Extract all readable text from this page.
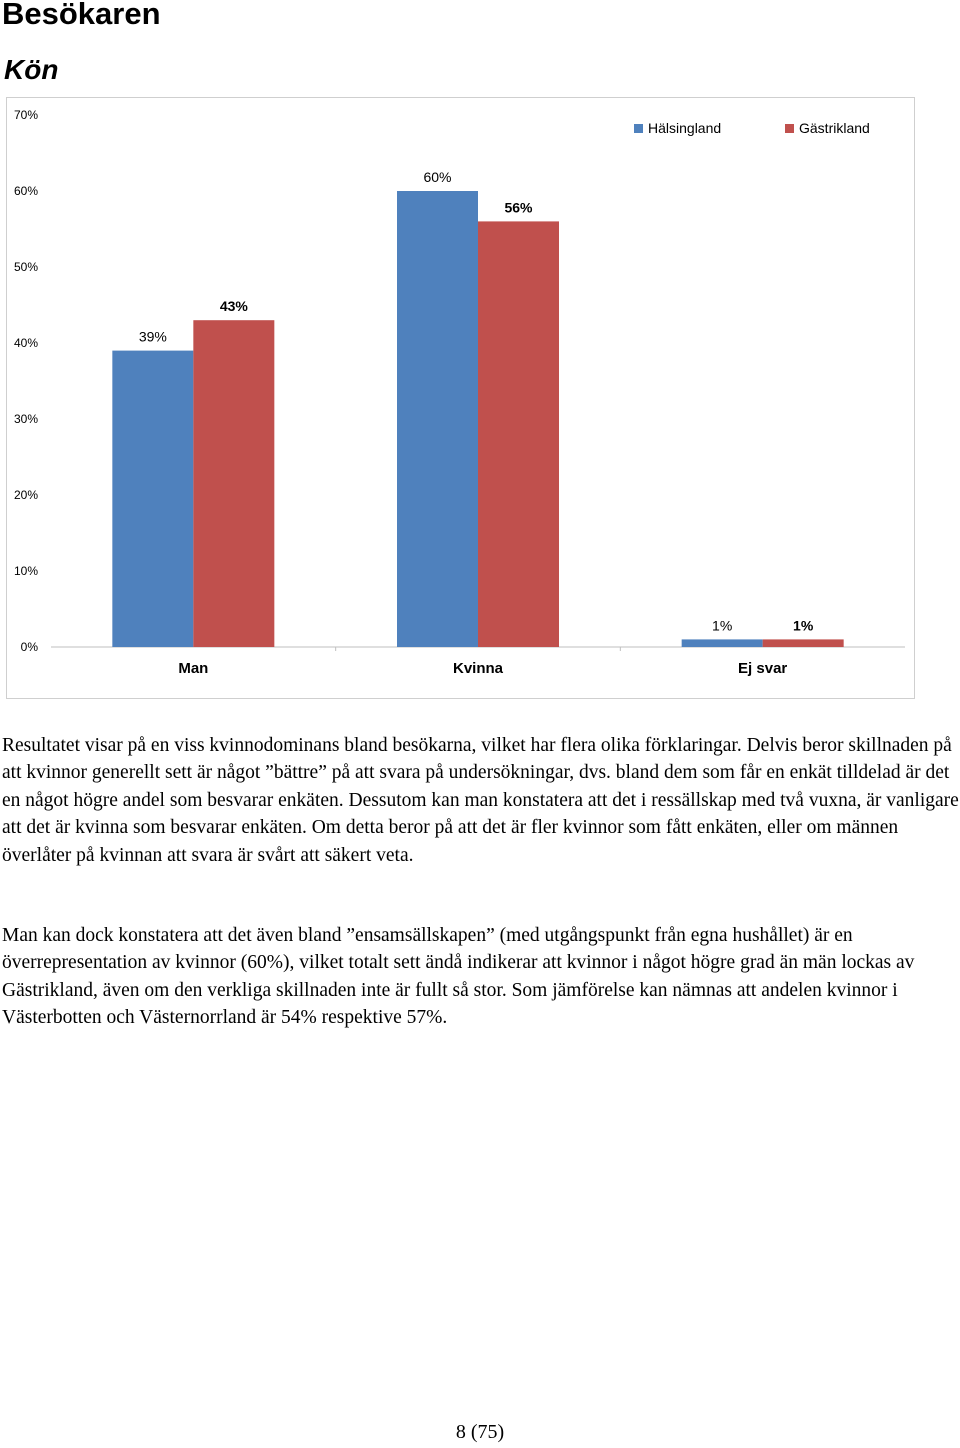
Besökaren
Kön
0%
10%
20%
30%
40%
50%
60%
70%
39%
43%
Man
60%
56%
Kvinna
1%	1%
Ej svar
Hälsingland	Gästrikland

Resultatet visar på en viss kvinnodominans bland besökarna, vilket har flera olika förklaringar. Delvis beror skillnaden på att kvinnor generellt sett är något ”bättre” på att svara på undersökningar, dvs. bland dem som får en enkät tilldelad är det en något högre andel som besvarar enkäten. Dessutom kan man konstatera att det i ressällskap med två vuxna, är vanligare att det är kvinna som besvarar enkäten. Om detta beror på att det är fler kvinnor som fått enkäten, eller om männen överlåter på kvinnan att svara är svårt att säkert veta.

Man kan dock konstatera att det även bland ”ensamsällskapen” (med utgångspunkt från egna hushållet) är en överrepresentation av kvinnor (60%), vilket totalt sett ändå indikerar att kvinnor i något högre grad än män lockas av Gästrikland, även om den verkliga skillnaden inte är fullt så stor. Som jämförelse kan nämnas att andelen kvinnor i Västerbotten och Västernorrland är 54% respektive 57%.

8 (75)
